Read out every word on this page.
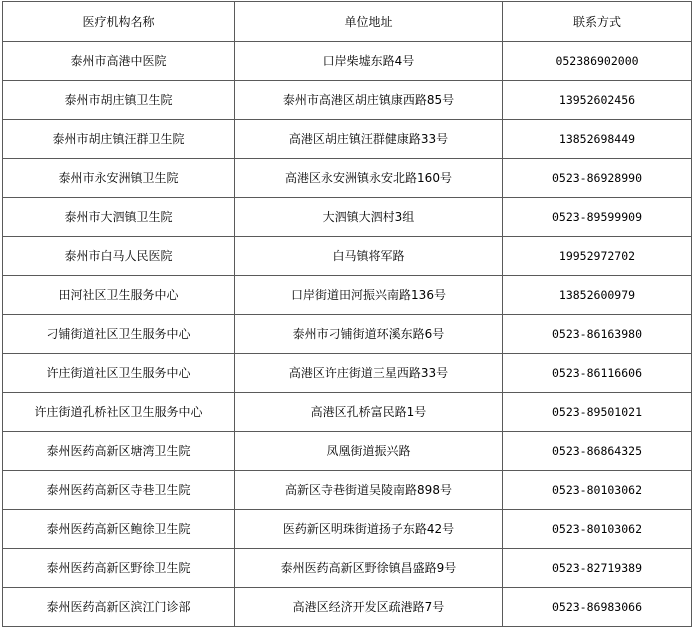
医疗机构名称	单位地址	联系方式
泰州市高港中医院	口岸柴墟东路4号	052386902000
泰州市胡庄镇卫生院	泰州市高港区胡庄镇康西路85号	13952602456
泰州市胡庄镇汪群卫生院	高港区胡庄镇汪群健康路33号	13852698449
泰州市永安洲镇卫生院	高港区永安洲镇永安北路160号	0523-86928990
泰州市大泗镇卫生院	大泗镇大泗村3组	0523-89599909
泰州市白马人民医院	白马镇将军路	19952972702
田河社区卫生服务中心	口岸街道田河振兴南路136号	13852600979
刁铺街道社区卫生服务中心	泰州市刁铺街道环溪东路6号	0523-86163980
许庄街道社区卫生服务中心	高港区许庄街道三星西路33号	0523-86116606
许庄街道孔桥社区卫生服务中心	高港区孔桥富民路1号	0523-89501021
泰州医药高新区塘湾卫生院	凤凰街道振兴路	0523-86864325
泰州医药高新区寺巷卫生院	高新区寺巷街道吴陵南路898号	0523-80103062
泰州医药高新区鲍徐卫生院	医药新区明珠街道扬子东路42号	0523-80103062
泰州医药高新区野徐卫生院	泰州医药高新区野徐镇昌盛路9号	0523-82719389
泰州医药高新区滨江门诊部	高港区经济开发区疏港路7号	0523-86983066
